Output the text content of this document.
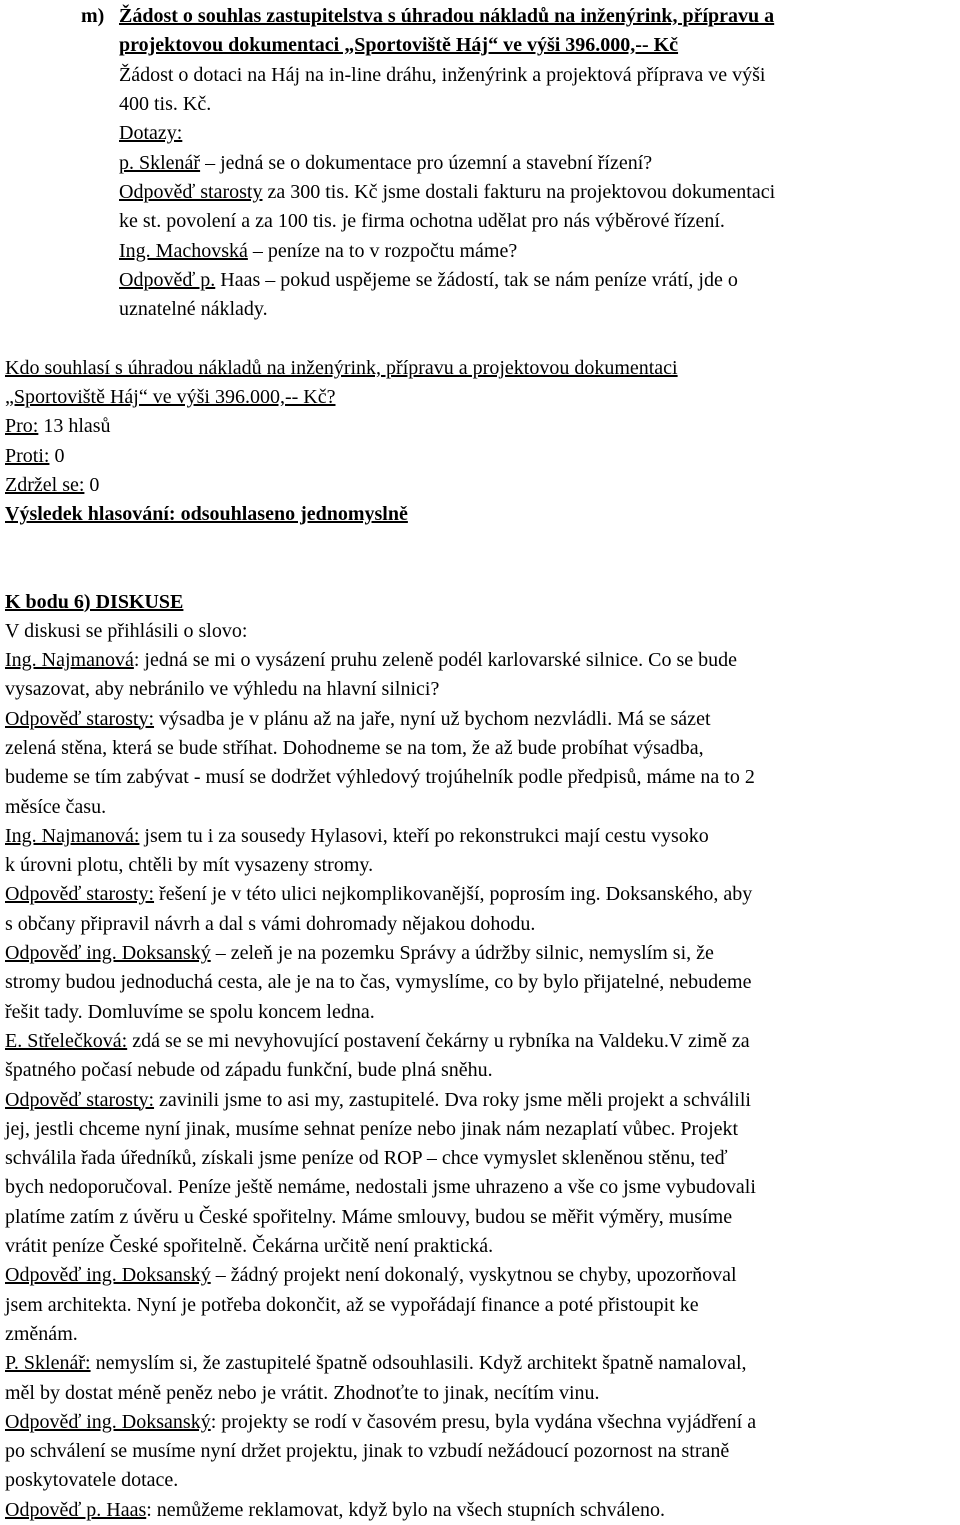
m) Žádost o souhlas zastupitelstva s úhradou nákladů na inženýrink, přípravu a
projektovou dokumentaci „Sportoviště Háj“ ve výši 396.000,-- Kč
Žádost o dotaci na Háj na in-line dráhu, inženýrink a projektová příprava ve výši
400 tis. Kč.
Dotazy:
p. Sklenář – jedná se o dokumentace pro územní a stavební řízení?
Odpověď starosty za 300 tis. Kč jsme dostali fakturu na projektovou dokumentaci
ke st. povolení a za 100 tis. je firma ochotna udělat pro nás výběrové řízení.
Ing. Machovská – peníze na to v rozpočtu máme?
Odpověď p. Haas – pokud uspějeme se žádostí, tak se nám peníze vrátí, jde o
uznatelné náklady.
Kdo souhlasí s úhradou nákladů na inženýrink, přípravu a projektovou dokumentaci
„Sportoviště Háj“ ve výši 396.000,-- Kč?
Pro: 13 hlasů
Proti: 0
Zdržel se: 0
Výsledek hlasování: odsouhlaseno jednomyslně
K bodu 6) DISKUSE
V diskusi se přihlásili o slovo:
Ing. Najmanová: jedná se mi o vysázení pruhu zeleně podél karlovarské silnice. Co se bude
vysazovat, aby nebránilo ve výhledu na hlavní silnici?
Odpověď starosty: výsadba je v plánu až na jaře, nyní už bychom nezvládli. Má se sázet
zelená stěna, která se bude stříhat. Dohodneme se na tom, že až bude probíhat výsadba,
budeme se tím zabývat - musí se dodržet výhledový trojúhelník podle předpisů, máme na to 2
měsíce času.
Ing. Najmanová: jsem tu i za sousedy Hylasovi, kteří po rekonstrukci mají cestu vysoko
k úrovni plotu, chtěli by mít vysazeny stromy.
Odpověď starosty: řešení je v této ulici nejkomplikovanější, poprosím ing. Doksanského, aby
s občany připravil návrh a dal s vámi dohromady nějakou dohodu.
Odpověď ing. Doksanský – zeleň je na pozemku Správy a údržby silnic, nemyslím si, že
stromy budou jednoduchá cesta, ale je na to čas, vymyslíme, co by bylo přijatelné, nebudeme
řešit tady. Domluvíme se spolu koncem ledna.
E. Střelečková: zdá se se mi nevyhovující postavení čekárny u rybníka na Valdeku.V zimě za
špatného počasí nebude od západu funkční, bude plná sněhu.
Odpověď starosty: zavinili jsme to asi my, zastupitelé. Dva roky jsme měli projekt a schválili
jej, jestli chceme nyní jinak, musíme sehnat peníze nebo jinak nám nezaplatí vůbec. Projekt
schválila řada úředníků, získali jsme peníze od ROP – chce vymyslet skleněnou stěnu, teď
bych nedoporučoval. Peníze ještě nemáme, nedostali jsme uhrazeno a vše co jsme vybudovali
platíme zatím z úvěru u České spořitelny. Máme smlouvy, budou se měřit výměry, musíme
vrátit peníze České spořitelně. Čekárna určitě není praktická.
Odpověď ing. Doksanský – žádný projekt není dokonalý, vyskytnou se chyby, upozorňoval
jsem architekta. Nyní je potřeba dokončit, až se vypořádají finance a poté přistoupit ke
změnám.
P. Sklenář: nemyslím si, že zastupitelé špatně odsouhlasili. Když architekt špatně namaloval,
měl by dostat méně peněz nebo je vrátit. Zhodnoťte to jinak, necítím vinu.
Odpověď ing. Doksanský: projekty se rodí v časovém presu, byla vydána všechna vyjádření a
po schválení se musíme nyní držet projektu, jinak to vzbudí nežádoucí pozornost na straně
poskytovatele dotace.
Odpověď p. Haas: nemůžeme reklamovat, když bylo na všech stupních schváleno.
